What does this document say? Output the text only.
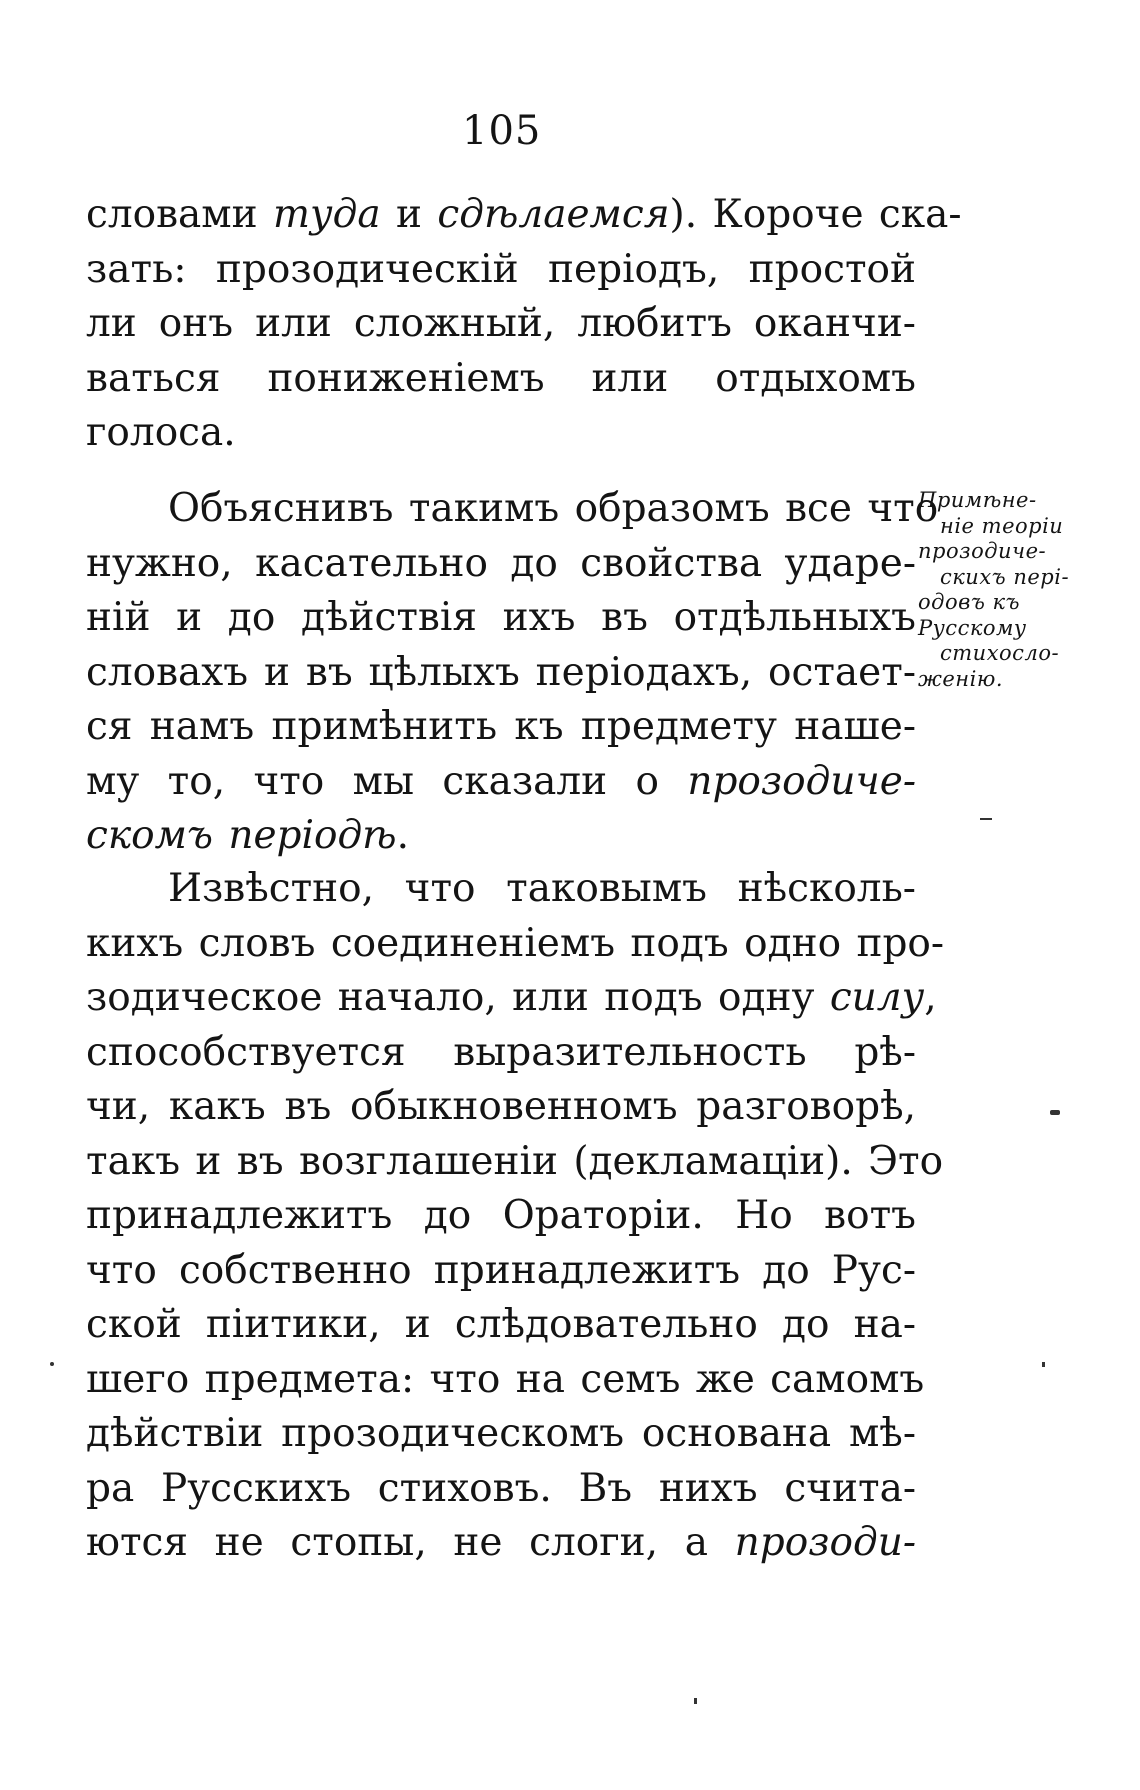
105
словами туда и сдѣлаемся). Короче ска-
зать: прозодическій періодъ, простой
ли онъ или сложный, любитъ оканчи-
ваться пониженіемъ или отдыхомъ
голоса.
Объяснивъ такимъ образомъ все что
нужно, касательно до свойства ударе-
ній и до дѣйствія ихъ въ отдѣльныхъ
словахъ и въ цѣлыхъ періодахъ, остает-
ся намъ примѣнить къ предмету наше-
му то, что мы сказали о прозодиче-
скомъ періодѣ.
Примѣне-
ніе теоріи
прозодиче-
скихъ пері-
одовъ къ
Русскому
стихосло-
женію.
Извѣстно, что таковымъ нѣсколь-
кихъ словъ соединеніемъ подъ одно про-
зодическое начало, или подъ одну силу,
способствуется выразительность рѣ-
чи, какъ въ обыкновенномъ разговорѣ,
такъ и въ возглашеніи (декламаціи). Это
принадлежитъ до Ораторіи. Но вотъ
что собственно принадлежитъ до Рус-
ской піитики, и слѣдовательно до на-
шего предмета: что на семъ же самомъ
дѣйствіи прозодическомъ основана мѣ-
ра Русскихъ стиховъ. Въ нихъ счита-
ются не стопы, не слоги, а прозоди-
